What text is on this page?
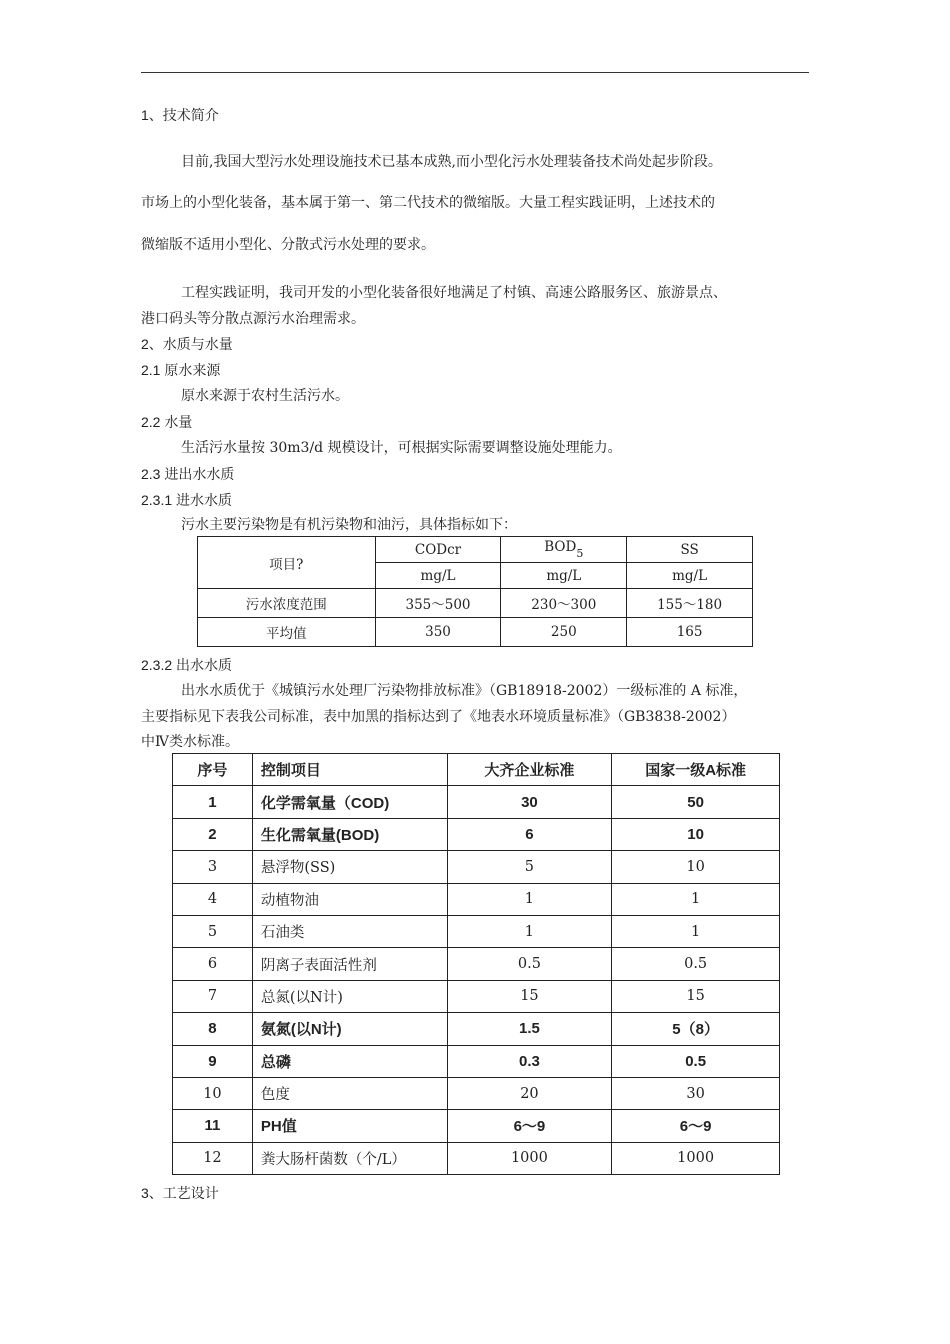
1、技术简介
目前,我国大型污水处理设施技术已基本成熟,而小型化污水处理装备技术尚处起步阶段。
市场上的小型化装备，基本属于第一、第二代技术的微缩版。大量工程实践证明，上述技术的
微缩版不适用小型化、分散式污水处理的要求。
工程实践证明，我司开发的小型化装备很好地满足了村镇、高速公路服务区、旅游景点、
港口码头等分散点源污水治理需求。
2、水质与水量
2.1 原水来源
原水来源于农村生活污水。
2.2 水量
生活污水量按 30m3/d 规模设计，可根据实际需要调整设施处理能力。
2.3 进出水水质
2.3.1 进水水质
污水主要污染物是有机污染物和油污，具体指标如下：
项目?	CODcr	$BOD_5$	SS
	mg/L	mg/L	mg/L
污水浓度范围	355～500	230～300	155～180
平均值	350	250	165
2.3.2 出水水质
出水水质优于《城镇污水处理厂污染物排放标准》（GB18918-2002）一级标准的 A 标准，
主要指标见下表我公司标准，表中加黑的指标达到了《地表水环境质量标准》（GB3838-2002）
中Ⅳ类水标准。
序号	控制项目	大齐企业标准	国家一级A标准
1	化学需氧量（COD)	30	50
2	生化需氧量(BOD)	6	10
3	悬浮物(SS)	5	10
4	动植物油	1	1
5	石油类	1	1
6	阴离子表面活性剂	0.5	0.5
7	总氮(以N计)	15	15
8	氨氮(以N计)	1.5	5（8）
9	总磷	0.3	0.5
10	色度	20	30
11	PH值	6～9	6～9
12	粪大肠杆菌数（个/L）	1000	1000
3、工艺设计
